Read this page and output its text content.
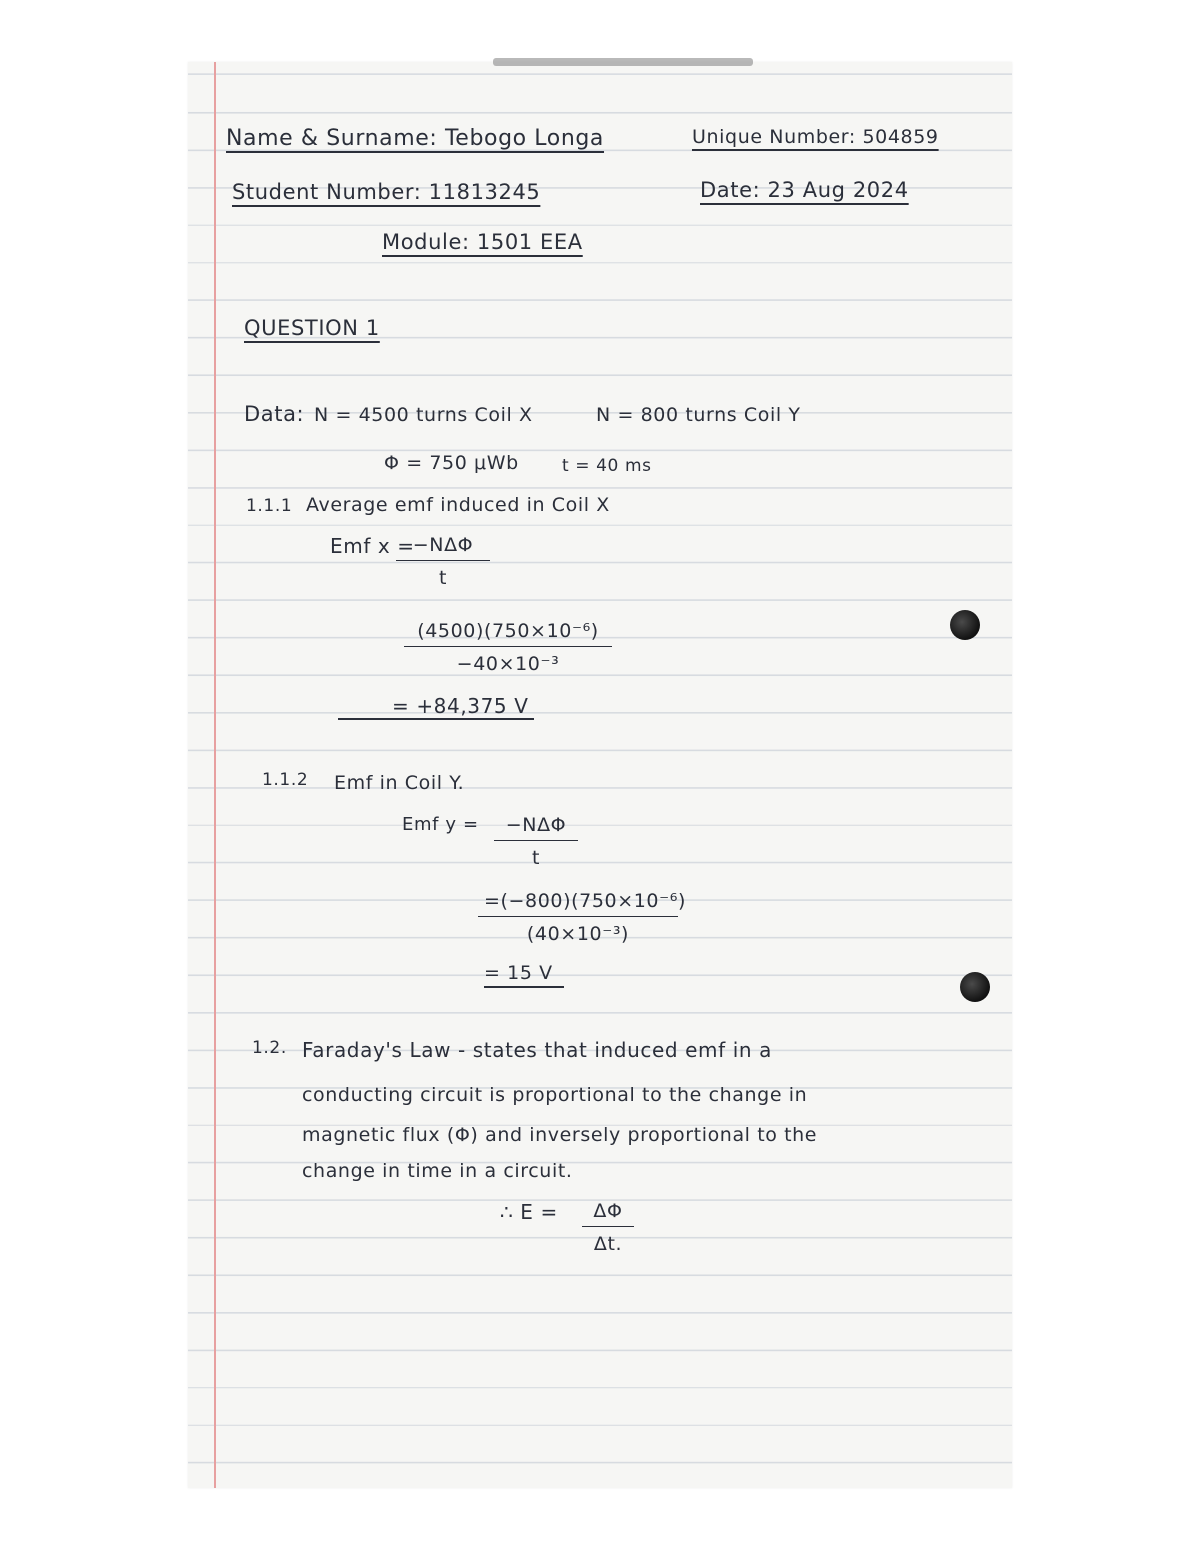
Name & Surname: Tebogo Longa	Unique Number: 504859
Student Number: 11813245	Date: 23 Aug 2024
Module: 1501 EEA
QUESTION 1
Data: N = 4500 turns Coil X	N = 800 turns Coil Y
Φ = 750 μWb	t = 40 ms
1.1.1 Average emf induced in Coil X
Emf x =
−NΔΦ
t
$\frac{\text{(4500)(750×10⁻⁶)}}{\text{−40×10⁻³}}$
= +84,375 V
1.1.2 Emf in Coil Y.
Emf y =	−NΔΦ
t
$\frac{\text{=(−800)(750×10⁻⁶)}}{\text{(40×10⁻³)}}$
= 15 V
1.2. Faraday's Law - states that induced emf in a
conducting circuit is proportional to the change in
magnetic flux (Φ) and inversely proportional to the
change in time in a circuit.
∴ $E = \frac{\Delta\Phi}{\Delta t.}$
